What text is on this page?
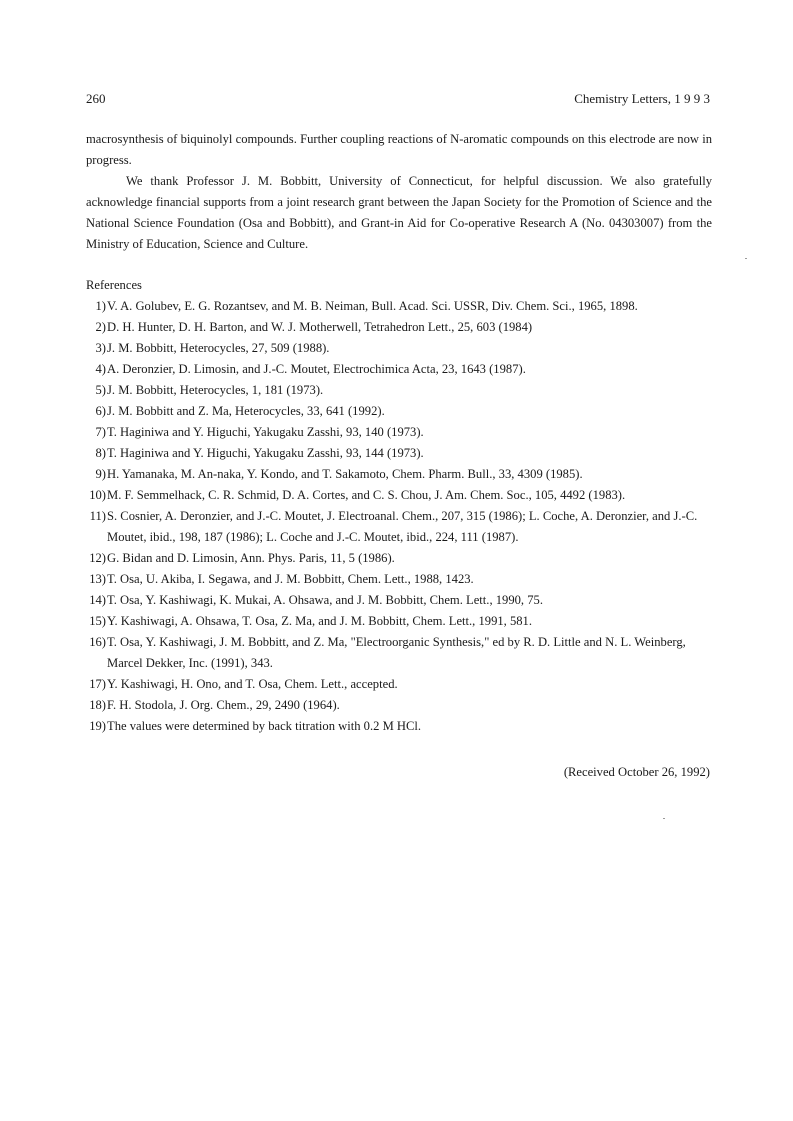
260	Chemistry Letters, 1 9 9 3

macrosynthesis of biquinolyl compounds. Further coupling reactions of N-aromatic compounds on this electrode are now in progress.

We thank Professor J. M. Bobbitt, University of Connecticut, for helpful discussion. We also gratefully acknowledge financial supports from a joint research grant between the Japan Society for the Promotion of Science and the National Science Foundation (Osa and Bobbitt), and Grant-in Aid for Co-operative Research A (No. 04303007) from the Ministry of Education, Science and Culture.

References
1) V. A. Golubev, E. G. Rozantsev, and M. B. Neiman, Bull. Acad. Sci. USSR, Div. Chem. Sci., 1965, 1898.
2) D. H. Hunter, D. H. Barton, and W. J. Motherwell, Tetrahedron Lett., 25, 603 (1984)
3) J. M. Bobbitt, Heterocycles, 27, 509 (1988).
4) A. Deronzier, D. Limosin, and J.-C. Moutet, Electrochimica Acta, 23, 1643 (1987).
5) J. M. Bobbitt, Heterocycles, 1, 181 (1973).
6) J. M. Bobbitt and Z. Ma, Heterocycles, 33, 641 (1992).
7) T. Haginiwa and Y. Higuchi, Yakugaku Zasshi, 93, 140 (1973).
8) T. Haginiwa and Y. Higuchi, Yakugaku Zasshi, 93, 144 (1973).
9) H. Yamanaka, M. An-naka, Y. Kondo, and T. Sakamoto, Chem. Pharm. Bull., 33, 4309 (1985).
10) M. F. Semmelhack, C. R. Schmid, D. A. Cortes, and C. S. Chou, J. Am. Chem. Soc., 105, 4492 (1983).
11) S. Cosnier, A. Deronzier, and J.-C. Moutet, J. Electroanal. Chem., 207, 315 (1986); L. Coche, A. Deronzier, and J.-C. Moutet, ibid., 198, 187 (1986); L. Coche and J.-C. Moutet, ibid., 224, 111 (1987).
12) G. Bidan and D. Limosin, Ann. Phys. Paris, 11, 5 (1986).
13) T. Osa, U. Akiba, I. Segawa, and J. M. Bobbitt, Chem. Lett., 1988, 1423.
14) T. Osa, Y. Kashiwagi, K. Mukai, A. Ohsawa, and J. M. Bobbitt, Chem. Lett., 1990, 75.
15) Y. Kashiwagi, A. Ohsawa, T. Osa, Z. Ma, and J. M. Bobbitt, Chem. Lett., 1991, 581.
16) T. Osa, Y. Kashiwagi, J. M. Bobbitt, and Z. Ma, "Electroorganic Synthesis," ed by R. D. Little and N. L. Weinberg, Marcel Dekker, Inc. (1991), 343.
17) Y. Kashiwagi, H. Ono, and T. Osa, Chem. Lett., accepted.
18) F. H. Stodola, J. Org. Chem., 29, 2490 (1964).
19) The values were determined by back titration with 0.2 M HCl.
(Received October 26, 1992)
